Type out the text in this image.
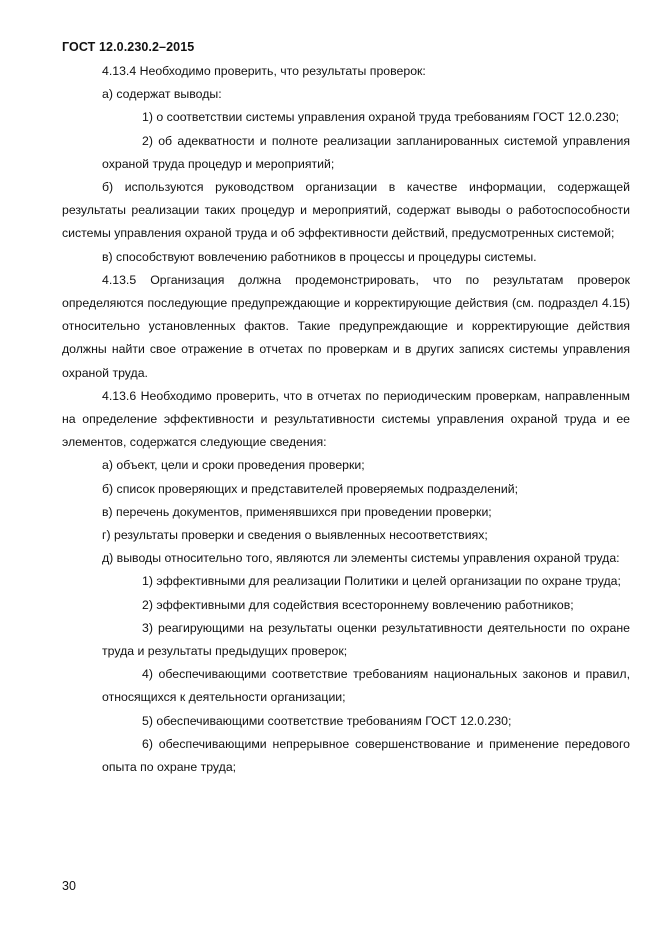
ГОСТ 12.0.230.2–2015

4.13.4 Необходимо проверить, что результаты проверок:

а) содержат выводы:

1) о соответствии системы управления охраной труда требованиям ГОСТ 12.0.230;

2) об адекватности и полноте реализации запланированных системой управления охраной труда процедур и мероприятий;

б) используются руководством организации в качестве информации, содержащей результаты реализации таких процедур и мероприятий, содержат выводы о работоспособности системы управления охраной труда и об эффективности действий, предусмотренных системой;

в) способствуют вовлечению работников в процессы и процедуры системы.

4.13.5 Организация должна продемонстрировать, что по результатам проверок определяются последующие предупреждающие и корректирующие действия (см. подраздел 4.15) относительно установленных фактов. Такие предупреждающие и корректирующие действия должны найти свое отражение в отчетах по проверкам и в других записях системы управления охраной труда.

4.13.6 Необходимо проверить, что в отчетах по периодическим проверкам, направленным на определение эффективности и результативности системы управления охраной труда и ее элементов, содержатся следующие сведения:

а) объект, цели и сроки проведения проверки;

б) список проверяющих и представителей проверяемых подразделений;

в) перечень документов, применявшихся при проведении проверки;

г) результаты проверки и сведения о выявленных несоответствиях;

д) выводы относительно того, являются ли элементы системы управления охраной труда:

1) эффективными для реализации Политики и целей организации по охране труда;

2) эффективными для содействия всестороннему вовлечению работников;

3) реагирующими на результаты оценки результативности деятельности по охране труда и результаты предыдущих проверок;

4) обеспечивающими соответствие требованиям национальных законов и правил, относящихся к деятельности организации;

5) обеспечивающими соответствие требованиям ГОСТ 12.0.230;

6) обеспечивающими непрерывное совершенствование и применение передового опыта по охране труда;

30
